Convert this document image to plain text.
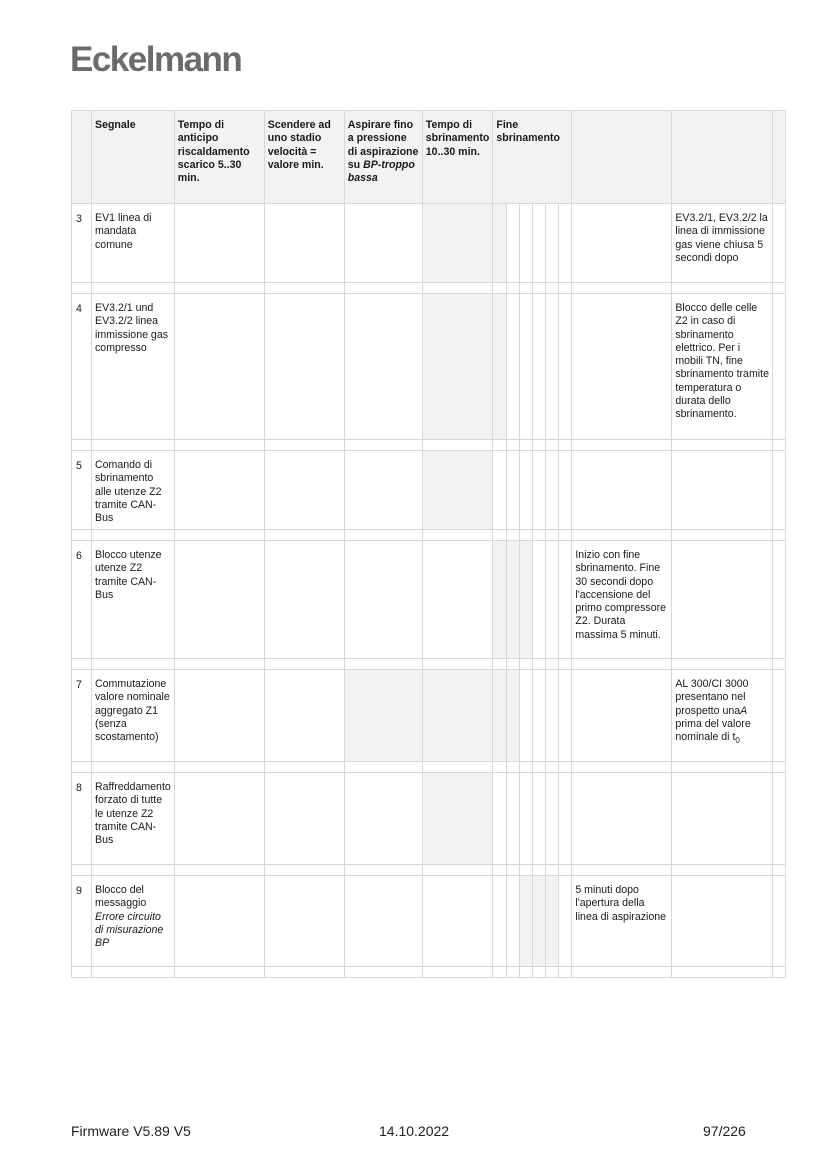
Eckelmann

	Segnale	Tempo di anticipo riscaldamento scarico 5..30 min.	Scendere ad uno stadio velocità = valore min.	Aspirare fino a pressione di aspirazione su BP-troppo bassa	Tempo di sbrinamento 10..30 min.	Fine sbrinamento								

3	EV1 linea di mandata comune												EV3.2/1, EV3.2/2 la linea di immissione gas viene chiusa 5 secondi dopo	

4	EV3.2/1 und EV3.2/2 linea immissione gas compresso												Blocco delle celle Z2 in caso di sbrinamento elettrico. Per i mobili TN, fine sbrinamento tramite temperatura o durata dello sbrinamento.	

5	Comando di sbrinamento alle utenze Z2 tramite CAN-Bus													

6	Blocco utenze utenze Z2 tramite CAN-Bus											Inizio con fine sbrinamento. Fine 30 secondi dopo l'accensione del primo compressore Z2. Durata massima 5 minuti.		

7	Commutazione valore nominale aggregato Z1 (senza scostamento)												AL 300/CI 3000 presentano nel prospetto unaA prima del valore nominale di $t_0$

8	Raffreddamento forzato di tutte le utenze Z2 tramite CAN-Bus													

9	Blocco del messaggio Errore circuito di misurazione BP											5 minuti dopo l'apertura della linea di aspirazione		

Firmware V5.89 V5	14.10.2022	97/226
